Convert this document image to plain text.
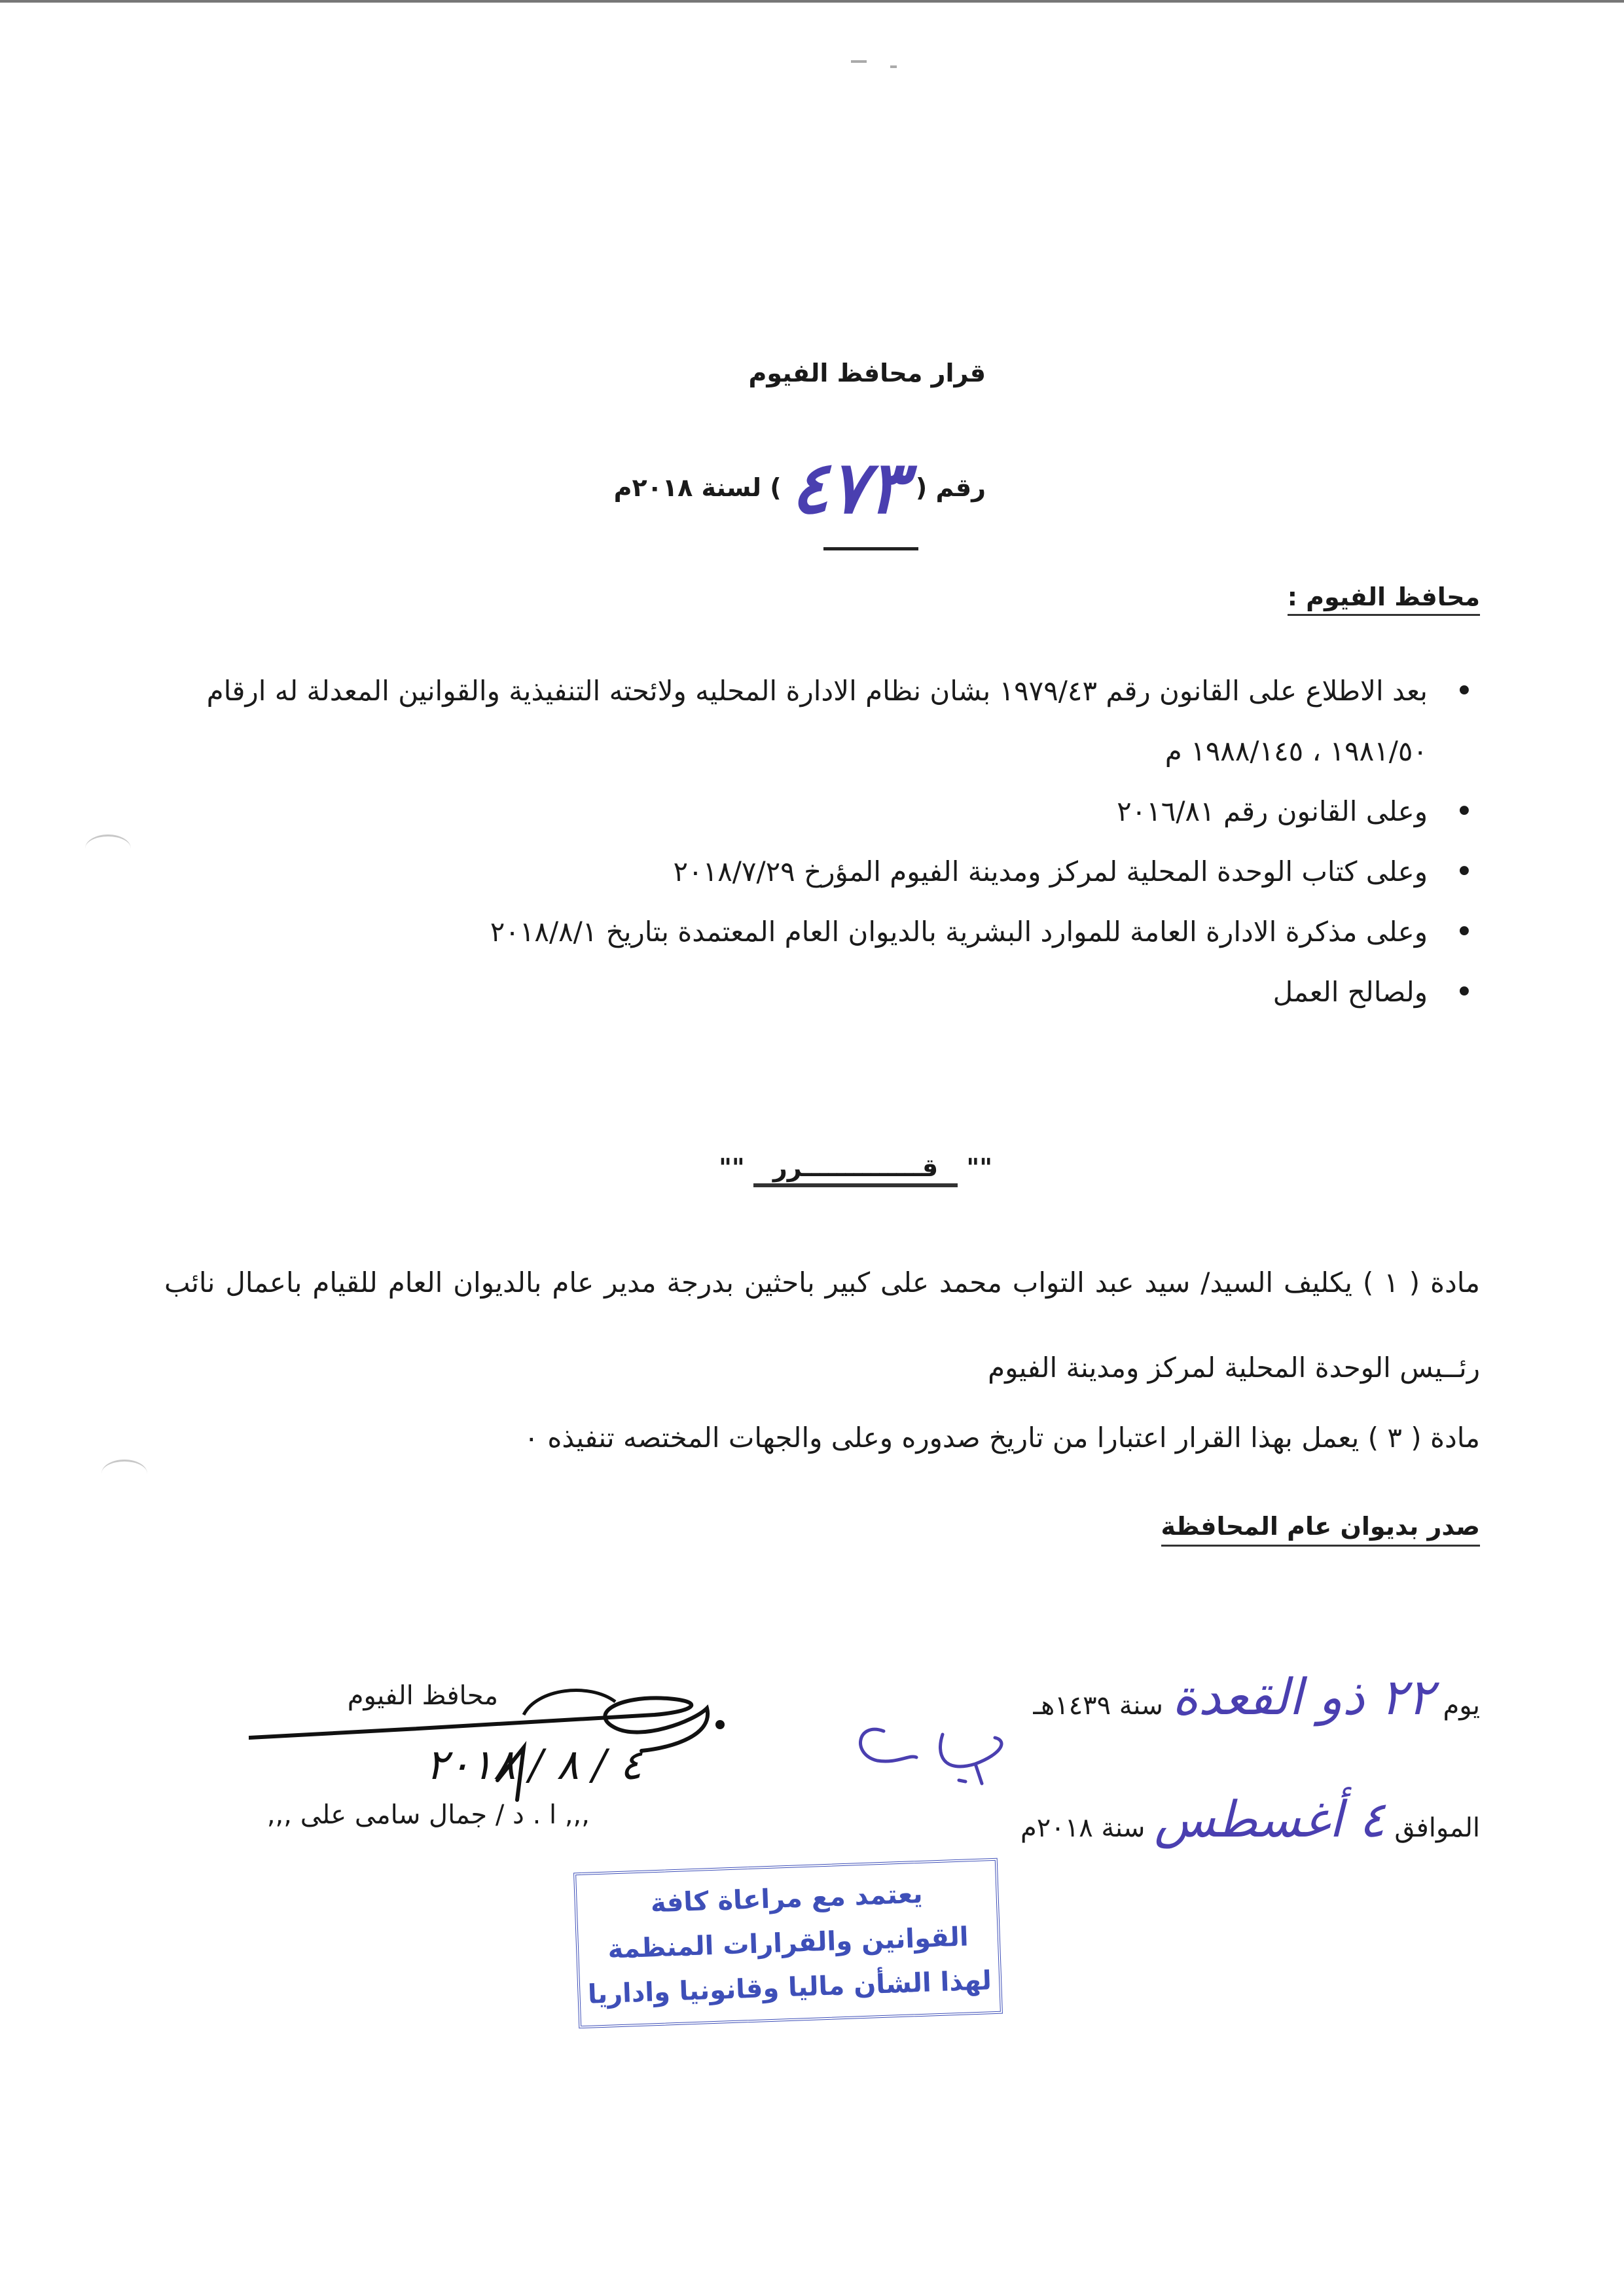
قرار محافظ الفيوم
رقم (
٤٧٣
) لسنة ٢٠١٨م
محافظ الفيوم :
• بعد الاطلاع على القانون رقم ١٩٧٩/٤٣ بشان نظام الادارة المحليه ولائحته التنفيذية والقوانين المعدلة له ارقام ١٩٨١/٥٠ ، ١٩٨٨/١٤٥ م
• وعلى القانون رقم ٢٠١٦/٨١
• وعلى كتاب الوحدة المحلية لمركز ومدينة الفيوم المؤرخ ٢٠١٨/٧/٢٩
• وعلى مذكرة الادارة العامة للموارد البشرية بالديوان العام المعتمدة بتاريخ ٢٠١٨/٨/١
• ولصالح العمل
"" قــــــــــــــرر ""
مادة ( ١ ) يكليف السيد/ سيد عبد التواب محمد على كبير باحثين بدرجة مدير عام بالديوان العام للقيام باعمال نائب رئــيس الوحدة المحلية لمركز ومدينة الفيوم
مادة ( ٣ ) يعمل بهذا القرار اعتبارا من تاريخ صدوره وعلى والجهات المختصه تنفيذه ٠
صدر بديوان عام المحافظة
يوم
٢٢ ذو القعدة
سنة ١٤٣٩هـ
الموافق
٤ أغسطس
سنة ٢٠١٨م
محافظ الفيوم
٤ / ٨ / ٢٠١٨
,,, ا . د / جمال سامى على ,,,
يعتمد مع مراعاة كافة
القوانين والقرارات المنظمة
لهذا الشأن ماليا وقانونيا واداريا
